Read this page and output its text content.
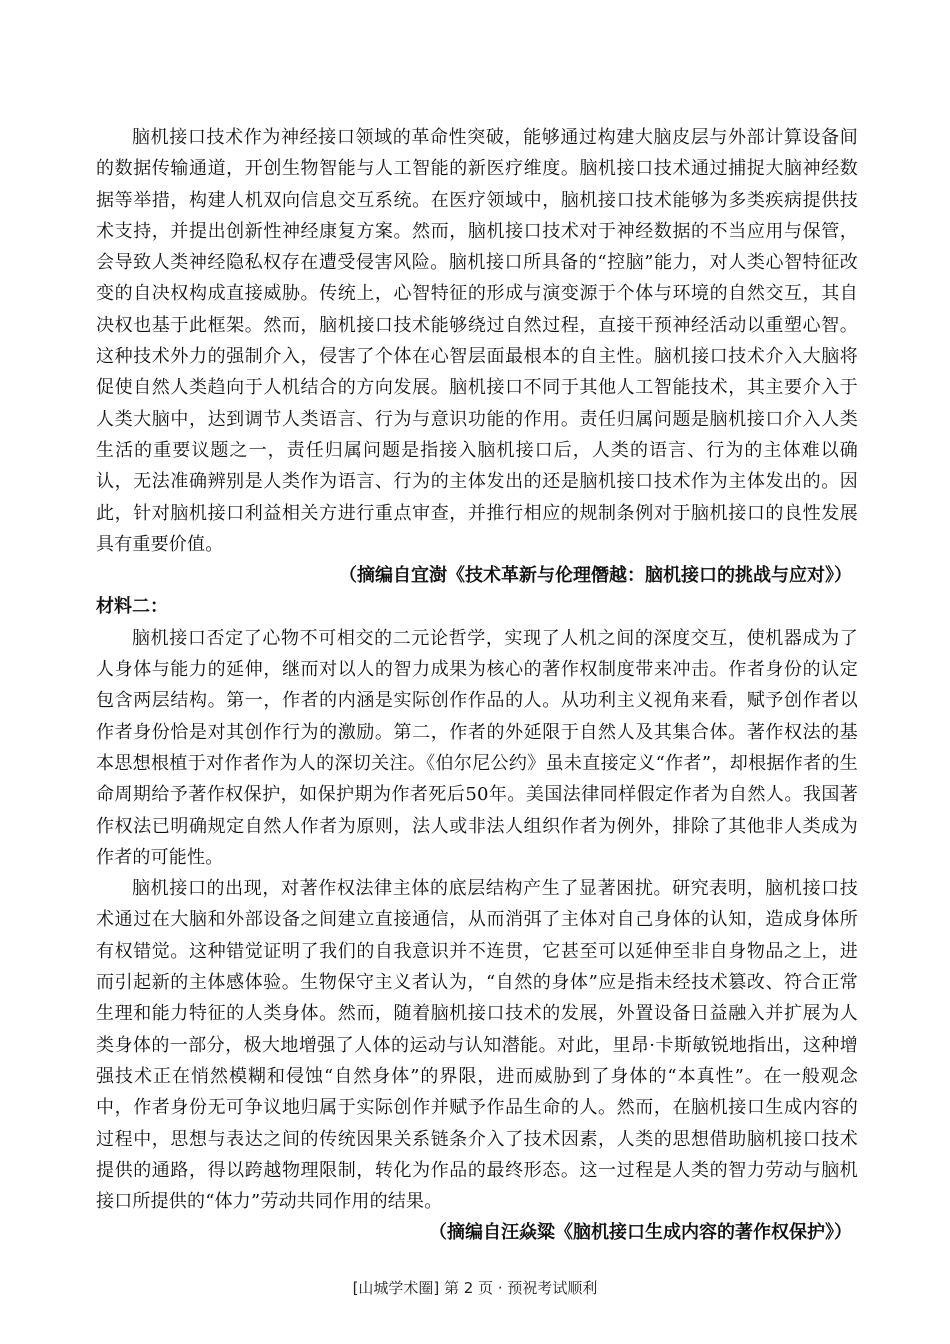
脑机接口技术作为神经接口领域的革命性突破，能够通过构建大脑皮层与外部计算设备间的数据传输通道，开创生物智能与人工智能的新医疗维度。脑机接口技术通过捕捉大脑神经数据等举措，构建人机双向信息交互系统。在医疗领域中，脑机接口技术能够为多类疾病提供技术支持，并提出创新性神经康复方案。然而，脑机接口技术对于神经数据的不当应用与保管，会导致人类神经隐私权存在遭受侵害风险。脑机接口所具备的“控脑”能力，对人类心智特征改变的自决权构成直接威胁。传统上，心智特征的形成与演变源于个体与环境的自然交互，其自决权也基于此框架。然而，脑机接口技术能够绕过自然过程，直接干预神经活动以重塑心智。这种技术外力的强制介入，侵害了个体在心智层面最根本的自主性。脑机接口技术介入大脑将促使自然人类趋向于人机结合的方向发展。脑机接口不同于其他人工智能技术，其主要介入于人类大脑中，达到调节人类语言、行为与意识功能的作用。责任归属问题是脑机接口介入人类生活的重要议题之一，责任归属问题是指接入脑机接口后，人类的语言、行为的主体难以确认，无法准确辨别是人类作为语言、行为的主体发出的还是脑机接口技术作为主体发出的。因此，针对脑机接口利益相关方进行重点审查，并推行相应的规制条例对于脑机接口的良性发展具有重要价值。

（摘编自宜澍《技术革新与伦理僭越：脑机接口的挑战与应对》）

材料二：

脑机接口否定了心物不可相交的二元论哲学，实现了人机之间的深度交互，使机器成为了人身体与能力的延伸，继而对以人的智力成果为核心的著作权制度带来冲击。作者身份的认定包含两层结构。第一，作者的内涵是实际创作作品的人。从功利主义视角来看，赋予创作者以作者身份恰是对其创作行为的激励。第二，作者的外延限于自然人及其集合体。著作权法的基本思想根植于对作者作为人的深切关注。《伯尔尼公约》虽未直接定义“作者”，却根据作者的生命周期给予著作权保护，如保护期为作者死后50年。美国法律同样假定作者为自然人。我国著作权法已明确规定自然人作者为原则，法人或非法人组织作者为例外，排除了其他非人类成为作者的可能性。

脑机接口的出现，对著作权法律主体的底层结构产生了显著困扰。研究表明，脑机接口技术通过在大脑和外部设备之间建立直接通信，从而消弭了主体对自己身体的认知，造成身体所有权错觉。这种错觉证明了我们的自我意识并不连贯，它甚至可以延伸至非自身物品之上，进而引起新的主体感体验。生物保守主义者认为，“自然的身体”应是指未经技术篡改、符合正常生理和能力特征的人类身体。然而，随着脑机接口技术的发展，外置设备日益融入并扩展为人类身体的一部分，极大地增强了人体的运动与认知潜能。对此，里昂·卡斯敏锐地指出，这种增强技术正在悄然模糊和侵蚀“自然身体”的界限，进而威胁到了身体的“本真性”。在一般观念中，作者身份无可争议地归属于实际创作并赋予作品生命的人。然而，在脑机接口生成内容的过程中，思想与表达之间的传统因果关系链条介入了技术因素，人类的思想借助脑机接口技术提供的通路，得以跨越物理限制，转化为作品的最终形态。这一过程是人类的智力劳动与脑机接口所提供的“体力”劳动共同作用的结果。

（摘编自汪焱粱《脑机接口生成内容的著作权保护》）

[山城学术圈] 第 2 页 · 预祝考试顺利
